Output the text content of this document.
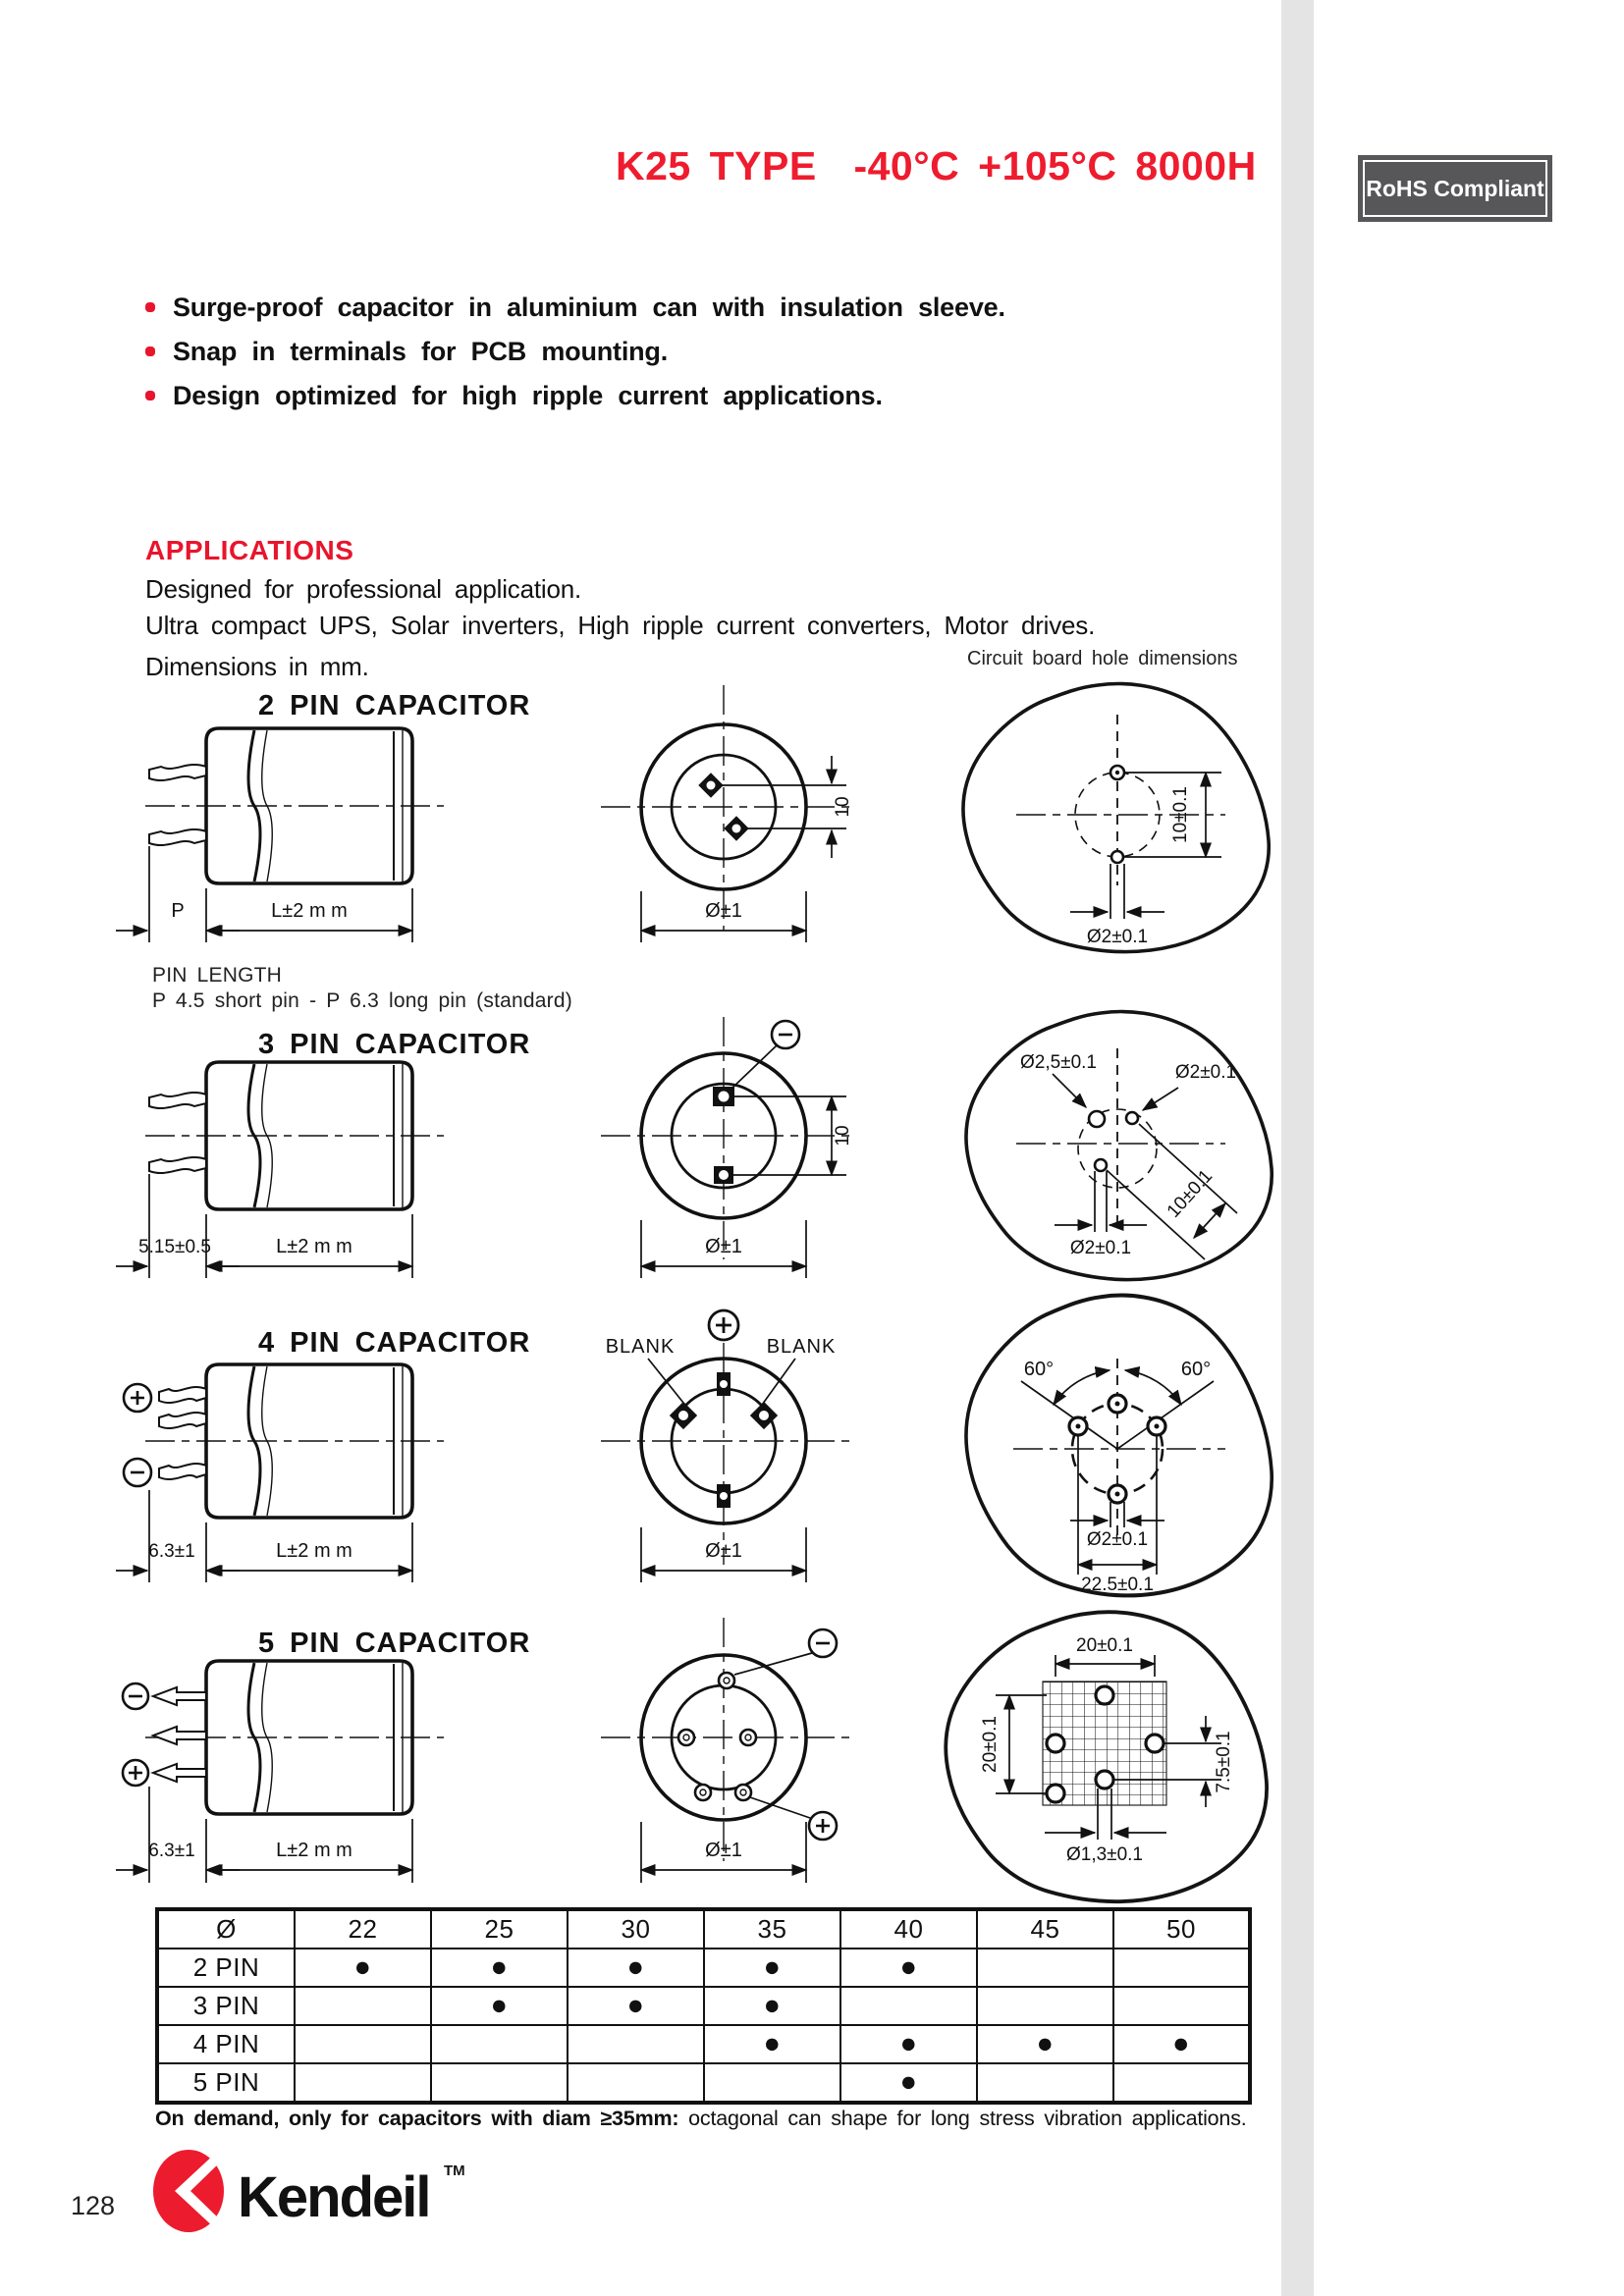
10±0.1
Ø2±0.1
P	L±2 m m
10
Ø±1
Ø2,5±0.1	Ø2±0.1
10±0.1
Ø2±0.1
5.15±0.5	L±2 m m
10
Ø±1
60°	60°
Ø2±0.1
22.5±0.1
6.3±1	L±2 m m
BLANK	BLANK
Ø±1
20±0.1
20±0.1	7.5±0.1
Ø1,3±0.1
6.3±1	L±2 m m	Ø±1
K25 TYPE  -40°C +105°C 8000H	RoHS Compliant
Surge-proof capacitor in aluminium can with insulation sleeve.
Snap in terminals for PCB mounting.
Design optimized for high ripple current applications.
APPLICATIONS
Designed for professional application.
Ultra compact UPS, Solar inverters, High ripple current converters, Motor drives.
Dimensions in mm.	Circuit board hole dimensions
2 PIN CAPACITOR
PIN LENGTH
P 4.5 short pin - P 6.3 long pin (standard)
3 PIN CAPACITOR
4 PIN CAPACITOR
5 PIN CAPACITOR
Ø	22	25	30	35	40	45	50
2 PIN	●	●	●	●	●		
3 PIN		●	●	●			
4 PIN				●	●	●	●
5 PIN					●		
On demand, only for capacitors with diam ≥35mm: octagonal can shape for long stress vibration applications.
128 Kendeil TM
